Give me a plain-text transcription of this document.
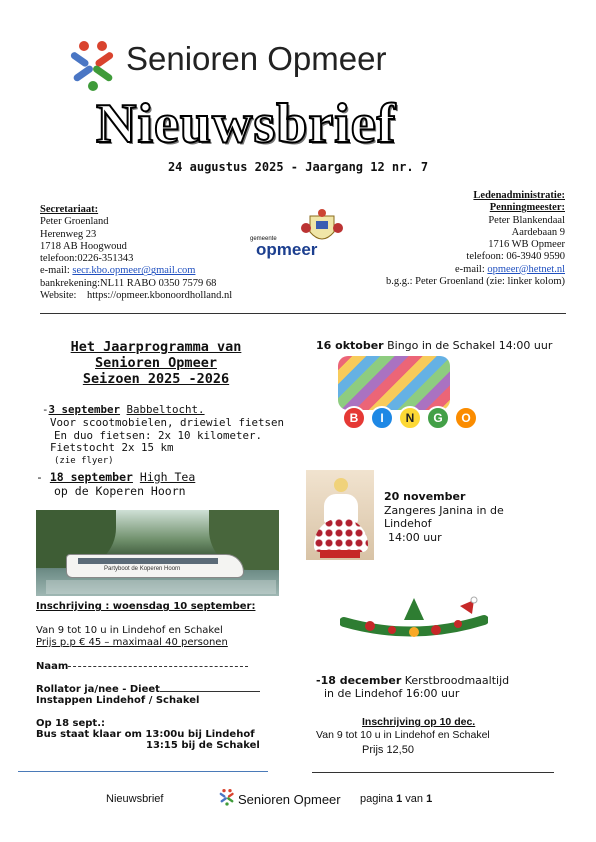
Senioren Opmeer
Nieuwsbrief
24 augustus 2025 - Jaargang 12 nr. 7
Secretariaat:
Peter Groenland
Herenweg 23
1718 AB Hoogwoud
telefoon:0226-351343
e-mail: secr.kbo.opmeer@gmail.com
bankrekening:NL11 RABO 0350 7579 68
Website: https://opmeer.kbonoordholland.nl
gemeente
opmeer
Ledenadministratie:
Penningmeester:
Peter Blankendaal
Aardebaan 9
1716 WB Opmeer
telefoon: 06-3940 9590
e-mail: opmeer@hetnet.nl
b.g.g.: Peter Groenland (zie: linker kolom)
Het Jaarprogramma van
Senioren Opmeer
Seizoen 2025 -2026
-3 september Babbeltocht.
Voor scootmobielen, driewiel fietsen
En duo fietsen: 2x 10 kilometer.
Fietstocht 2x 15 km
(zie flyer)
- 18 september High Tea
op de Koperen Hoorn
Partyboot de Koperen Hoorn
Inschrijving : woensdag 10 september:
Van 9 tot 10 u in Lindehof en Schakel
Prijs p.p € 45 – maximaal 40 personen
Naam
Rollator ja/nee - Dieet
Instappen Lindehof / Schakel
Op 18 sept.:
Bus staat klaar om 13:00u bij Lindehof
13:15 bij de Schakel
16 oktober Bingo in de Schakel 14:00 uur
B I N G O
20 november
Zangeres Janina in de
Lindehof
14:00 uur
-18 december Kerstbroodmaaltijd
in de Lindehof 16:00 uur
Inschrijving op 10 dec.
Van 9 tot 10 u in Lindehof en Schakel
Prijs 12,50
Nieuwsbrief	Senioren Opmeer pagina 1 van 1
